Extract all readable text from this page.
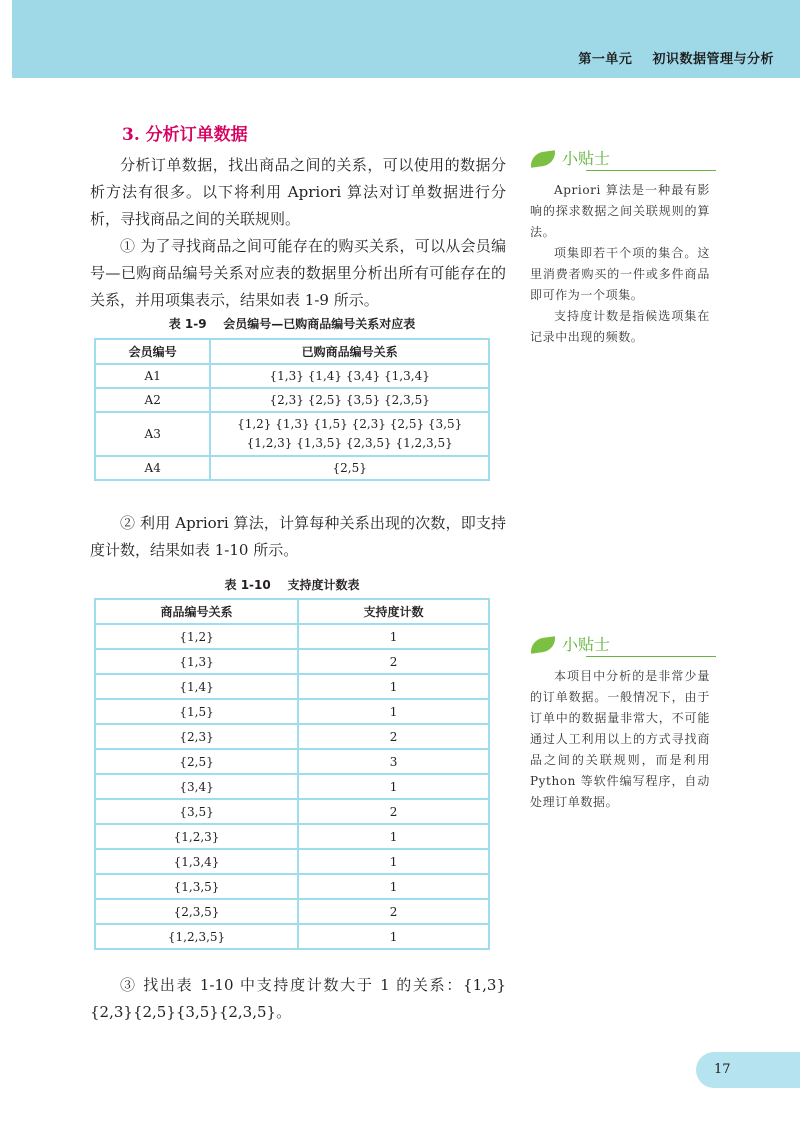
第一单元    初识数据管理与分析
3. 分析订单数据

分析订单数据，找出商品之间的关系，可以使用的数据分析方法有很多。以下将利用 Apriori 算法对订单数据进行分析，寻找商品之间的关联规则。

① 为了寻找商品之间可能存在的购买关系，可以从会员编号—已购商品编号关系对应表的数据里分析出所有可能存在的关系，并用项集表示，结果如表 1-9 所示。

表 1-9    会员编号—已购商品编号关系对应表
会员编号	已购商品编号关系
A1	{1,3} {1,4} {3,4} {1,3,4}
A2	{2,3} {2,5} {3,5} {2,3,5}
A3	{1,2} {1,3} {1,5} {2,3} {2,5} {3,5}
{1,2,3} {1,3,5} {2,3,5} {1,2,3,5}

A4	{2,5}

② 利用 Apriori 算法，计算每种关系出现的次数，即支持度计数，结果如表 1-10 所示。

表 1-10    支持度计数表
商品编号关系	支持度计数
{1,2}	1
{1,3}	2
{1,4}	1
{1,5}	1
{2,3}	2
{2,5}	3
{3,4}	1
{3,5}	2
{1,2,3}	1
{1,3,4}	1
{1,3,5}	1
{2,3,5}	2
{1,2,3,5}	1

③ 找出表 1-10 中支持度计数大于 1 的关系：{1,3}{2,3}{2,5}{3,5}{2,3,5}。

小贴士

Apriori 算法是一种最有影响的探求数据之间关联规则的算法。

项集即若干个项的集合。这里消费者购买的一件或多件商品即可作为一个项集。

支持度计数是指候选项集在记录中出现的频数。

小贴士

本项目中分析的是非常少量的订单数据。一般情况下，由于订单中的数据量非常大，不可能通过人工利用以上的方式寻找商品之间的关联规则，而是利用 Python 等软件编写程序，自动处理订单数据。

17
